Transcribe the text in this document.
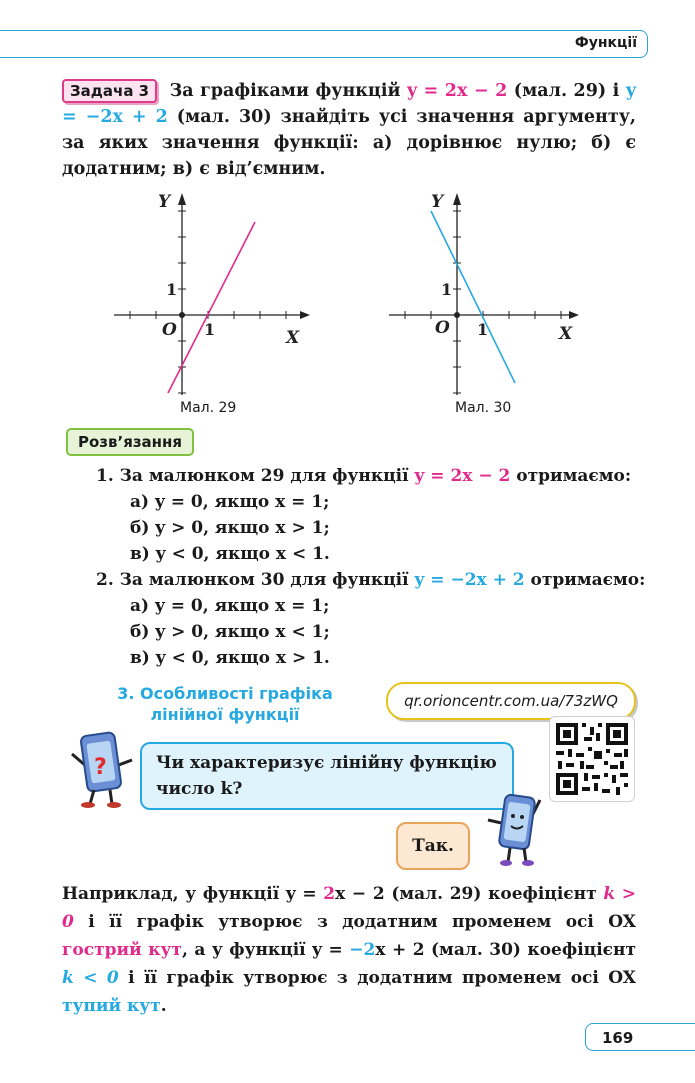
Функції
Задача 3 За графіками функцій y = 2x − 2 (мал. 29) і y = −2x + 2 (мал. 30) знайдіть усі значення аргументу, за яких значення функції: а) дорівнює нулю; б) є додатним; в) є від’ємним.
Y
X
O 1
1
Мал. 29
Y
X
O 1
1
Мал. 30
Розв’язання
1. За малюнком 29 для функції y = 2x − 2 отримаємо:
а) y = 0, якщо x = 1;
б) y > 0, якщо x > 1;
в) y < 0, якщо x < 1.
2. За малюнком 30 для функції y = −2x + 2 отримаємо:
а) y = 0, якщо x = 1;
б) y > 0, якщо x < 1;
в) y < 0, якщо x > 1.
3. Особливості графіка
лінійної функції
qr.orioncentr.com.ua/73zWQ
?	Чи характеризує лінійну функцію число k?
Так.
Наприклад, у функції y = 2x − 2 (мал. 29) коефіцієнт k > 0 і її графік утворює з додатним променем осі OX гострий кут, а у функції y = −2x + 2 (мал. 30) коефіцієнт k < 0 і її графік утворює з додатним променем осі OX тупий кут.
169
